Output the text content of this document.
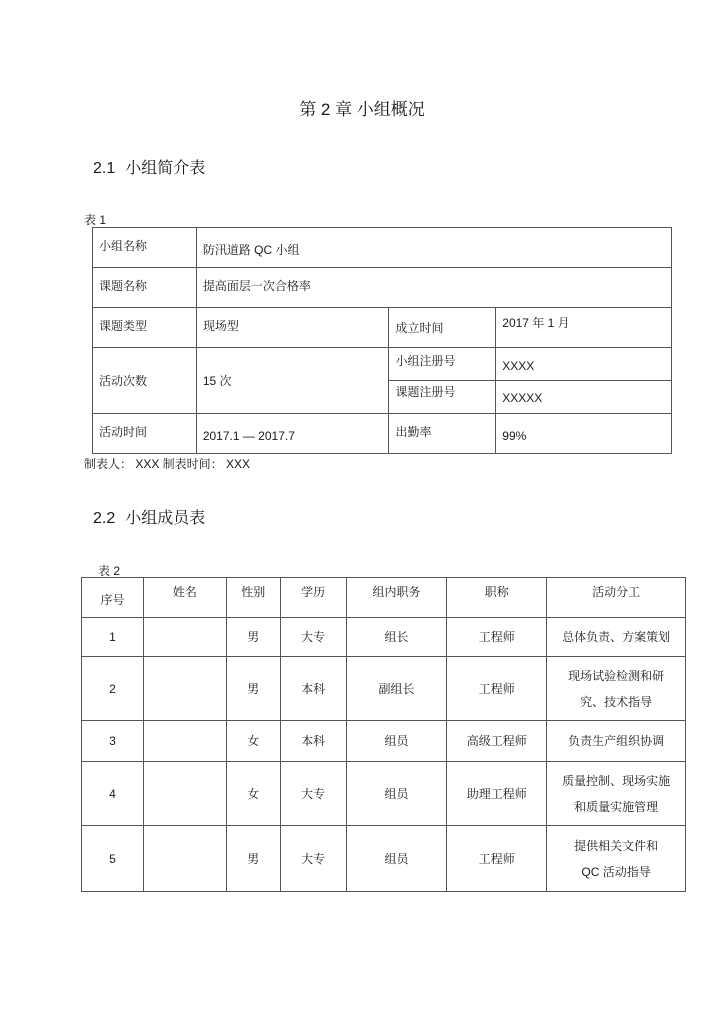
第 2 章 小组概况
2.1 小组简介表
表 1
小组名称	防汛道路 QC 小组		
课题名称	提高面层一次合格率		
课题类型	现场型	成立时间	2017 年 1 月
活动次数	15 次	小组注册号	XXXX
		课题注册号	XXXXX
活动时间	2017.1 — 2017.7	出勤率	99%
制表人： XXX 制表时间： XXX
2.2 小组成员表
表 2
序号	姓名	性别	学历	组内职务	职称	活动分工
1		男	大专	组长	工程师	总体负责、方案策划

2		男	本科	副组长	工程师	现场试验检测和研
究、技术指导

3		女	本科	组员	高级工程师	负责生产组织协调

4		女	大专	组员	助理工程师	质量控制、现场实施
和质量实施管理

5		男	大专	组员	工程师	提供相关文件和
QC 活动指导
